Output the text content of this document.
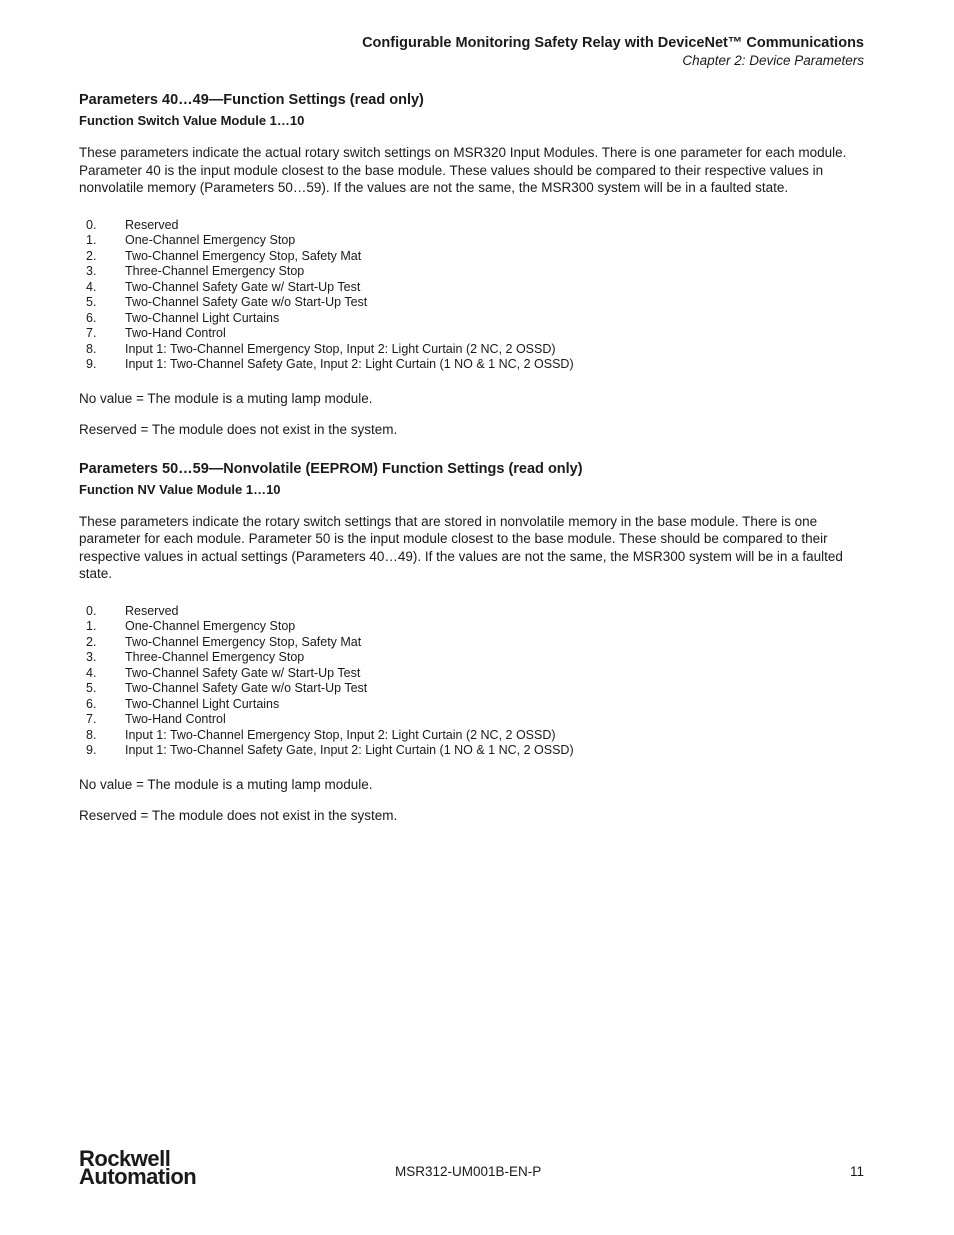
Configurable Monitoring Safety Relay with DeviceNet™ Communications
Chapter 2: Device Parameters
Parameters 40…49—Function Settings (read only)
Function Switch Value Module 1…10

These parameters indicate the actual rotary switch settings on MSR320 Input Modules. There is one parameter for each module. Parameter 40 is the input module closest to the base module. These values should be compared to their respective values in nonvolatile memory (Parameters 50…59). If the values are not the same, the MSR300 system will be in a faulted state.

0.	Reserved
1.	One-Channel Emergency Stop
2.	Two-Channel Emergency Stop, Safety Mat
3.	Three-Channel Emergency Stop
4.	Two-Channel Safety Gate w/ Start-Up Test
5.	Two-Channel Safety Gate w/o Start-Up Test
6.	Two-Channel Light Curtains
7.	Two-Hand Control
8.	Input 1: Two-Channel Emergency Stop, Input 2: Light Curtain (2 NC, 2 OSSD)
9.	Input 1: Two-Channel Safety Gate, Input 2: Light Curtain (1 NO & 1 NC, 2 OSSD)

No value = The module is a muting lamp module.

Reserved = The module does not exist in the system.

Parameters 50…59—Nonvolatile (EEPROM) Function Settings (read only)
Function NV Value Module 1…10

These parameters indicate the rotary switch settings that are stored in nonvolatile memory in the base module. There is one parameter for each module. Parameter 50 is the input module closest to the base module. These should be compared to their respective values in actual settings (Parameters 40…49). If the values are not the same, the MSR300 system will be in a faulted state.

0.	Reserved
1.	One-Channel Emergency Stop
2.	Two-Channel Emergency Stop, Safety Mat
3.	Three-Channel Emergency Stop
4.	Two-Channel Safety Gate w/ Start-Up Test
5.	Two-Channel Safety Gate w/o Start-Up Test
6.	Two-Channel Light Curtains
7.	Two-Hand Control
8.	Input 1: Two-Channel Emergency Stop, Input 2: Light Curtain (2 NC, 2 OSSD)
9.	Input 1: Two-Channel Safety Gate, Input 2: Light Curtain (1 NO & 1 NC, 2 OSSD)

No value = The module is a muting lamp module.

Reserved = The module does not exist in the system.

Rockwell
Automation	MSR312-UM001B-EN-P	11
